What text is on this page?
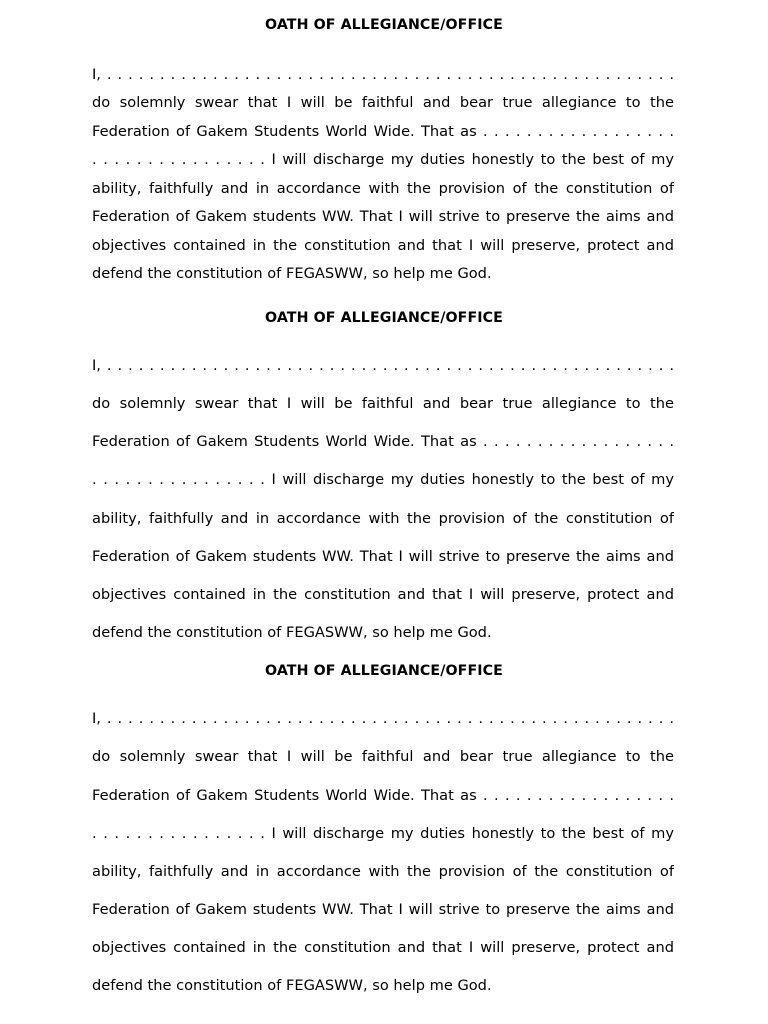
OATH OF ALLEGIANCE/OFFICE
I, . . . . . . . . . . . . . . . . . . . . . . . . . . . . . . . . . . . . . . . . . . . . . . . . . . . . . .
do solemnly swear that I will be faithful and bear true allegiance to the
Federation of Gakem Students World Wide. That as . . . . . . . . . . . . . . . . . .
. . . . . . . . . . . . . . . . I will discharge my duties honestly to the best of my
ability, faithfully and in accordance with the provision of the constitution of
Federation of Gakem students WW. That I will strive to preserve the aims and
objectives contained in the constitution and that I will preserve, protect and
defend the constitution of FEGASWW, so help me God.
OATH OF ALLEGIANCE/OFFICE
I, . . . . . . . . . . . . . . . . . . . . . . . . . . . . . . . . . . . . . . . . . . . . . . . . . . . . . .
do solemnly swear that I will be faithful and bear true allegiance to the
Federation of Gakem Students World Wide. That as . . . . . . . . . . . . . . . . . .
. . . . . . . . . . . . . . . . I will discharge my duties honestly to the best of my
ability, faithfully and in accordance with the provision of the constitution of
Federation of Gakem students WW. That I will strive to preserve the aims and
objectives contained in the constitution and that I will preserve, protect and
defend the constitution of FEGASWW, so help me God.
OATH OF ALLEGIANCE/OFFICE
I, . . . . . . . . . . . . . . . . . . . . . . . . . . . . . . . . . . . . . . . . . . . . . . . . . . . . . .
do solemnly swear that I will be faithful and bear true allegiance to the
Federation of Gakem Students World Wide. That as . . . . . . . . . . . . . . . . . .
. . . . . . . . . . . . . . . . I will discharge my duties honestly to the best of my
ability, faithfully and in accordance with the provision of the constitution of
Federation of Gakem students WW. That I will strive to preserve the aims and
objectives contained in the constitution and that I will preserve, protect and
defend the constitution of FEGASWW, so help me God.
